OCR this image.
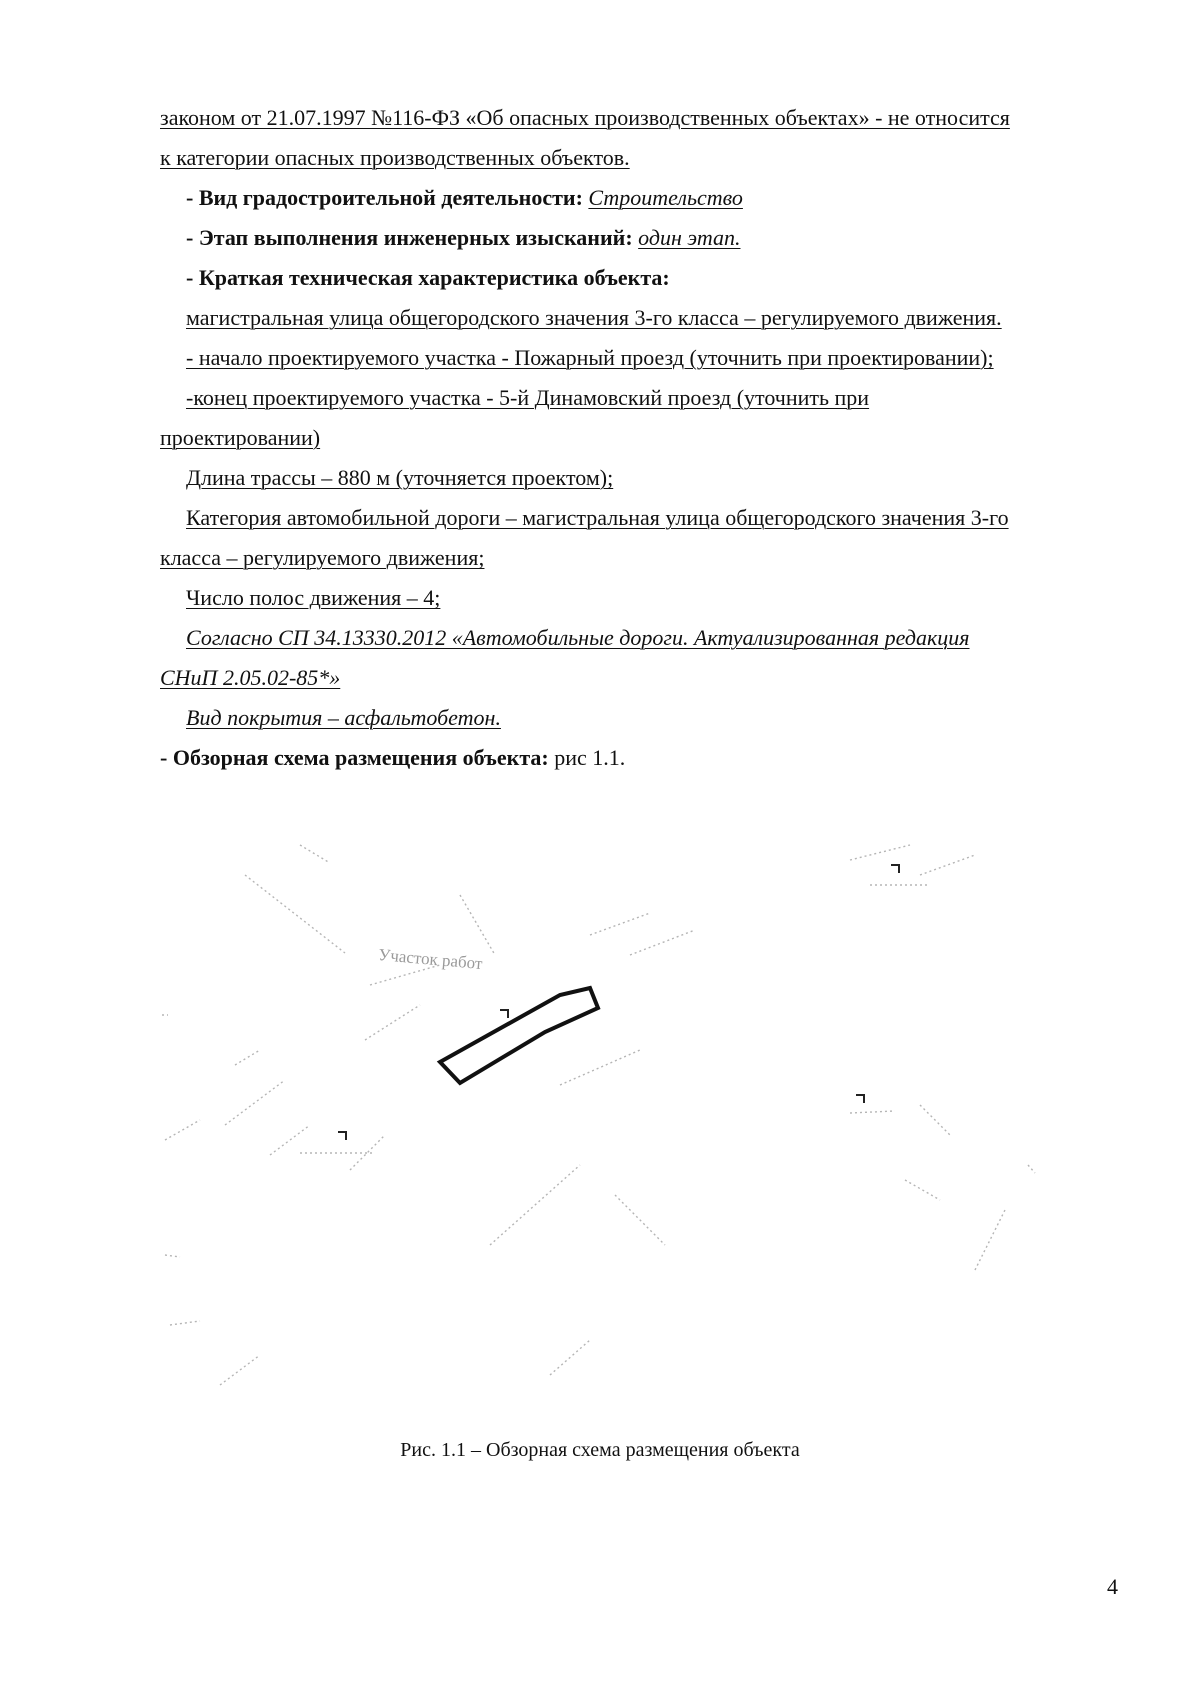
законом от 21.07.1997 №116-ФЗ «Об опасных производственных объектах» - не относится
к категории опасных производственных объектов.
- Вид градостроительной деятельности: Строительство
- Этап выполнения инженерных изысканий: один этап.
- Краткая техническая характеристика объекта:
магистральная улица общегородского значения 3-го класса – регулируемого движения.
- начало проектируемого участка - Пожарный проезд (уточнить при проектировании);
-конец проектируемого участка - 5-й Динамовский проезд (уточнить при
проектировании)
Длина трассы – 880 м (уточняется проектом);
Категория автомобильной дороги – магистральная улица общегородского значения 3-го
класса – регулируемого движения;
Число полос движения – 4;
Согласно СП 34.13330.2012 «Автомобильные дороги. Актуализированная редакция
СНиП 2.05.02-85*»
Вид покрытия – асфальтобетон.
- Обзорная схема размещения объекта: рис 1.1.
Участок работ
Рис. 1.1 – Обзорная схема размещения объекта
4
